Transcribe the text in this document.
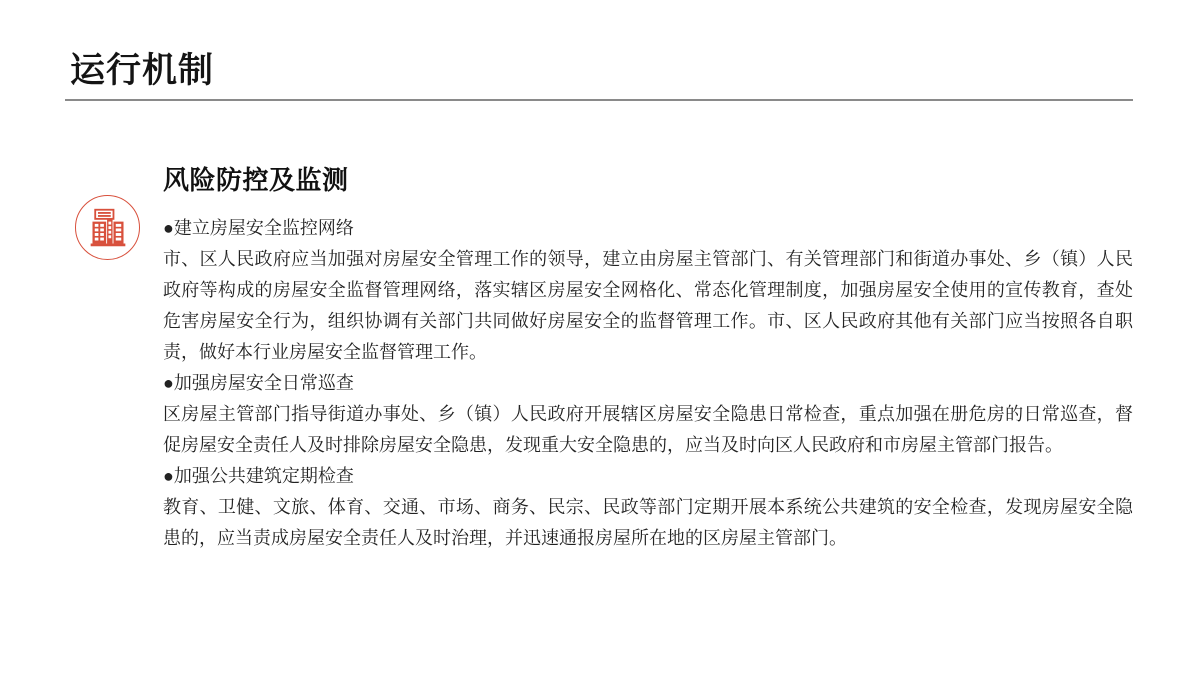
运行机制
风险防控及监测

●建立房屋安全监控网络

市、区人民政府应当加强对房屋安全管理工作的领导，建立由房屋主管部门、有关管理部门和街道办事处、乡（镇）人民政府等构成的房屋安全监督管理网络，落实辖区房屋安全网格化、常态化管理制度，加强房屋安全使用的宣传教育，查处危害房屋安全行为，组织协调有关部门共同做好房屋安全的监督管理工作。市、区人民政府其他有关部门应当按照各自职责，做好本行业房屋安全监督管理工作。

●加强房屋安全日常巡查

区房屋主管部门指导街道办事处、乡（镇）人民政府开展辖区房屋安全隐患日常检查，重点加强在册危房的日常巡查，督促房屋安全责任人及时排除房屋安全隐患，发现重大安全隐患的，应当及时向区人民政府和市房屋主管部门报告。

●加强公共建筑定期检查

教育、卫健、文旅、体育、交通、市场、商务、民宗、民政等部门定期开展本系统公共建筑的安全检查，发现房屋安全隐患的，应当责成房屋安全责任人及时治理，并迅速通报房屋所在地的区房屋主管部门。
